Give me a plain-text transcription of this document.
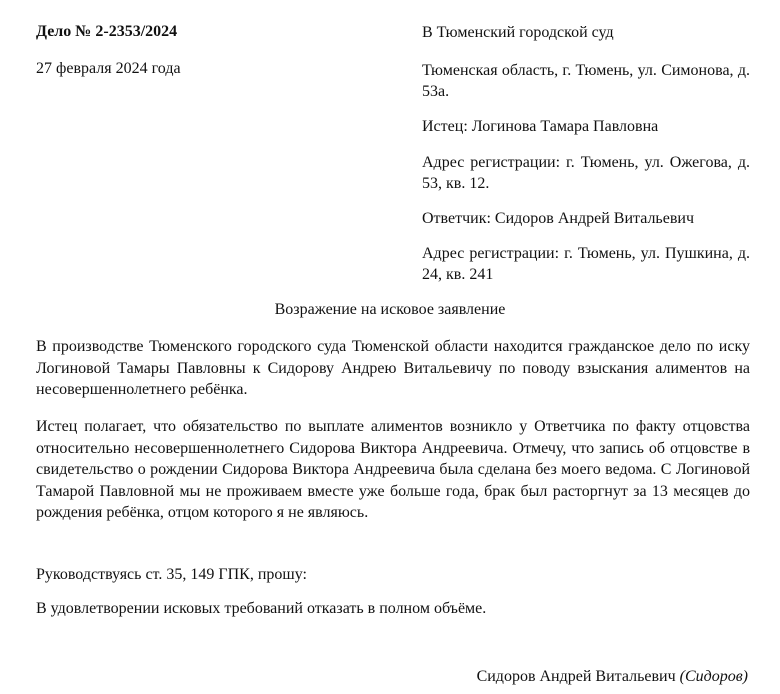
Дело № 2-2353/2024
27 февраля 2024 года
В Тюменский городской суд
Тюменская область, г. Тюмень, ул. Симонова, д. 53а.
Истец: Логинова Тамара Павловна
Адрес регистрации: г. Тюмень, ул. Ожегова, д. 53, кв. 12.
Ответчик: Сидоров Андрей Витальевич
Адрес регистрации: г. Тюмень, ул. Пушкина, д. 24, кв. 241
Возражение на исковое заявление
В производстве Тюменского городского суда Тюменской области находится гражданское дело по иску Логиновой Тамары Павловны к Сидорову Андрею Витальевичу по поводу взыскания алиментов на несовершеннолетнего ребёнка.
Истец полагает, что обязательство по выплате алиментов возникло у Ответчика по факту отцовства относительно несовершеннолетнего Сидорова Виктора Андреевича. Отмечу, что запись об отцовстве в свидетельство о рождении Сидорова Виктора Андреевича была сделана без моего ведома. С Логиновой Тамарой Павловной мы не проживаем вместе уже больше года, брак был расторгнут за 13 месяцев до рождения ребёнка, отцом которого я не являюсь.
Руководствуясь ст. 35, 149 ГПК, прошу:
В удовлетворении исковых требований отказать в полном объёме.
Сидоров Андрей Витальевич (Сидоров)
